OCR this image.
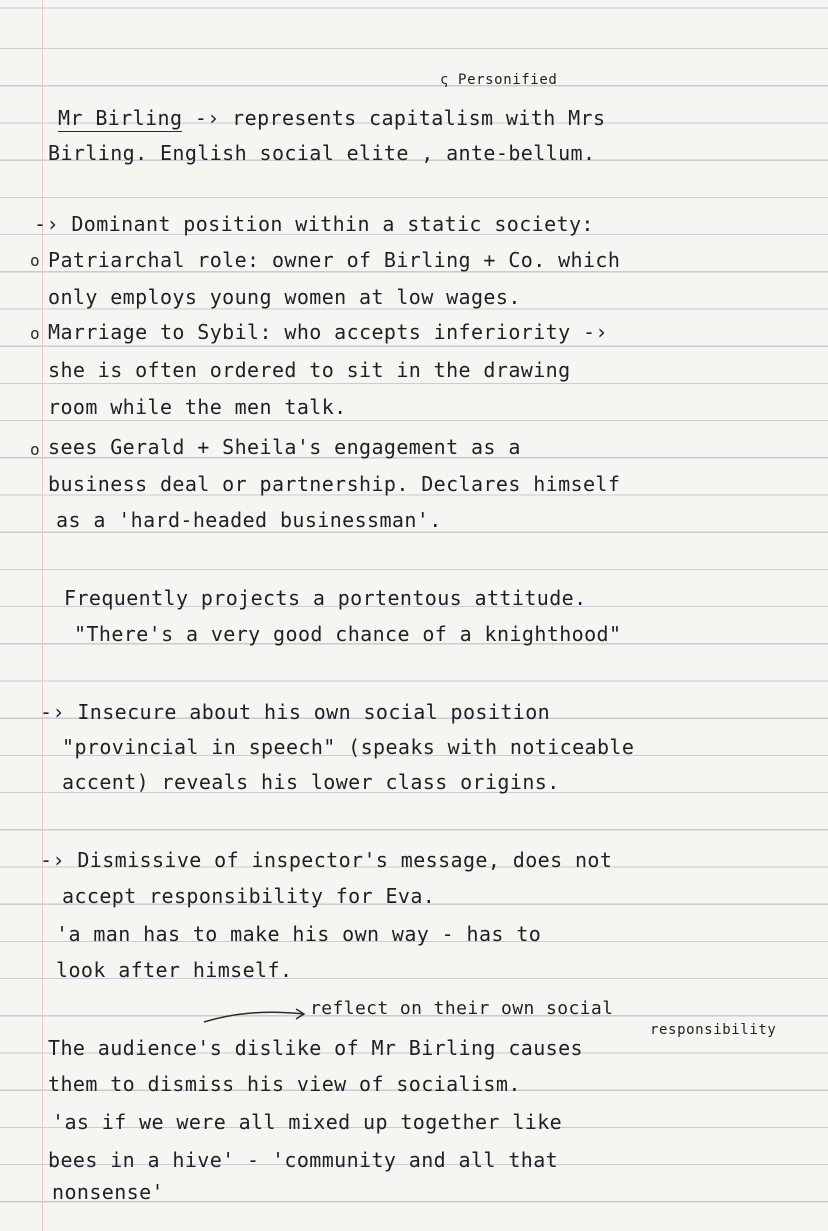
ς Personified
Mr Birling -› represents capitalism with Mrs
Birling. English social elite , ante-bellum.
-› Dominant position within a static society:
o Patriarchal role: owner of Birling + Co. which
only employs young women at low wages.
o Marriage to Sybil: who accepts inferiority -›
she is often ordered to sit in the drawing
room while the men talk.
o sees Gerald + Sheila's engagement as a
business deal or partnership. Declares himself
as a 'hard-headed businessman'.
Frequently projects a portentous attitude.
"There's a very good chance of a knighthood"
-› Insecure about his own social position
"provincial in speech" (speaks with noticeable
accent) reveals his lower class origins.
-› Dismissive of inspector's message, does not
accept responsibility for Eva.
'a man has to make his own way - has to
look after himself.
reflect on their own social
responsibility
The audience's dislike of Mr Birling causes
them to dismiss his view of socialism.
'as if we were all mixed up together like
bees in a hive' - 'community and all that
nonsense'
